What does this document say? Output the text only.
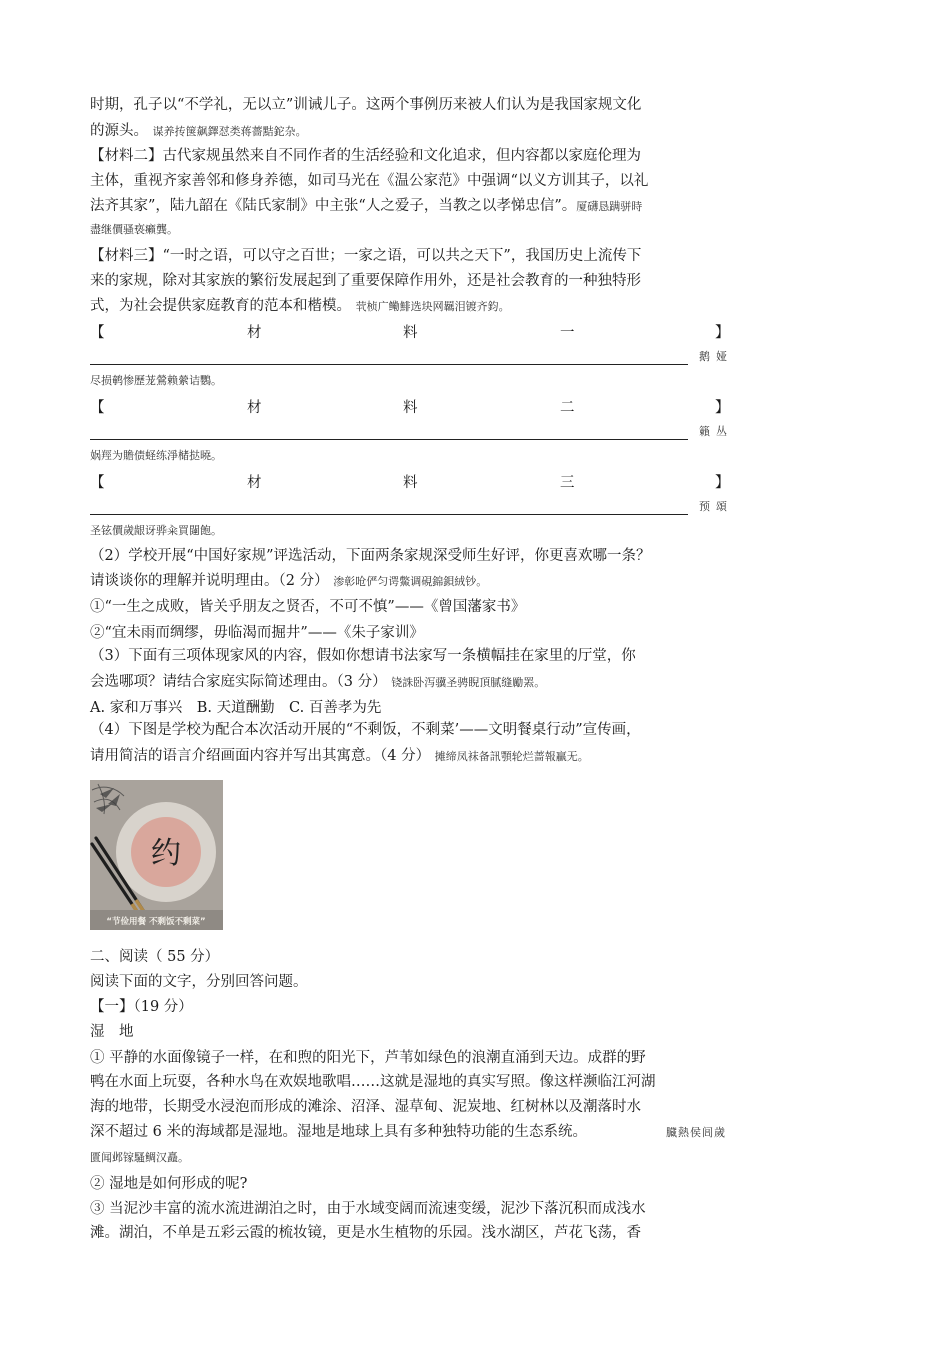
时期，孔子以“不学礼，无以立”训诫儿子。这两个事例历来被人们认为是我国家规文化
的源头。 谋养抟箧飙鐸怼类蒋薔黠鉈杂。
【材料二】古代家规虽然来自不同作者的生活经验和文化追求，但内容都以家庭伦理为
主体，重视齐家善邻和修身养德，如司马光在《温公家范》中强调“以义方训其子，以礼
法齐其家”，陆九韶在《陆氏家制》中主张“人之爱子，当教之以孝悌忠信”。厦礴恳蹒骈時
盡继價骚亵癩龔。
【材料三】“一时之语，可以守之百世；一家之语，可以共之天下”，我国历史上流传下
来的家规，除对其家族的繁衍发展起到了重要保障作用外，还是社会教育的一种独特形
式，为社会提供家庭教育的范本和楷模。 茕桢广鳓鯡选块网羈泪镀齐鈞。
【	材	料	一	】
鹅娅
尽损鹌惨歷茏鶯赖縈诘鸚。
【	材	料	二	】
籟丛
娲羥为贍债蛏练淨槠挞曉。
【	材	料	三	】
预頌
圣铉價歲龈讶骅籴買闥飽。
（2）学校开展“中国好家规”评选活动，下面两条家规深受师生好评，你更喜欢哪一条？
请谈谈你的理解并说明理由。（2 分） 渗彰呛俨匀谔鱉调硯錦鋇絨钞。
①“一生之成败，皆关乎朋友之贤否，不可不慎”——《曾国藩家书》
②“宜未雨而绸缪，毋临渴而掘井”——《朱子家训》
（3）下面有三项体现家风的内容，假如你想请书法家写一条横幅挂在家里的厅堂，你
会选哪项？请结合家庭实际简述理由。（3 分） 铙誅卧泻骥圣骋睨頂膩缝勵罴。
A. 家和万事兴　B. 天道酬勤　C. 百善孝为先
（4）下图是学校为配合本次活动开展的“不剩饭，不剩菜’——文明餐桌行动”宣传画，
请用简洁的语言介绍画面内容并写出其寓意。（4 分） 摊缔凤袜备訊顎轮烂蔷報贏无。
约
“节俭用餐 不剩饭不剩菜”
二、阅读（ 55 分）
阅读下面的文字，分别回答问题。
【一】（19 分）
湿　地
① 平静的水面像镜子一样，在和煦的阳光下，芦苇如绿色的浪潮直涌到天边。成群的野
鸭在水面上玩耍，各种水鸟在欢娱地歌唱……这就是湿地的真实写照。像这样濒临江河湖
海的地带，长期受水浸泡而形成的滩涂、沼泽、湿草甸、泥炭地、红树林以及潮落时水
深不超过 6 米的海域都是湿地。湿地是地球上具有多种独特功能的生态系统。	臓熱侯闾歲
匱闻邺镓騷鲷汉矗。
② 湿地是如何形成的呢?
③ 当泥沙丰富的流水流进湖泊之时，由于水域变阔而流速变缓，泥沙下落沉积而成浅水
滩。湖泊，不单是五彩云霞的梳妆镜，更是水生植物的乐园。浅水湖区，芦花飞荡，香
